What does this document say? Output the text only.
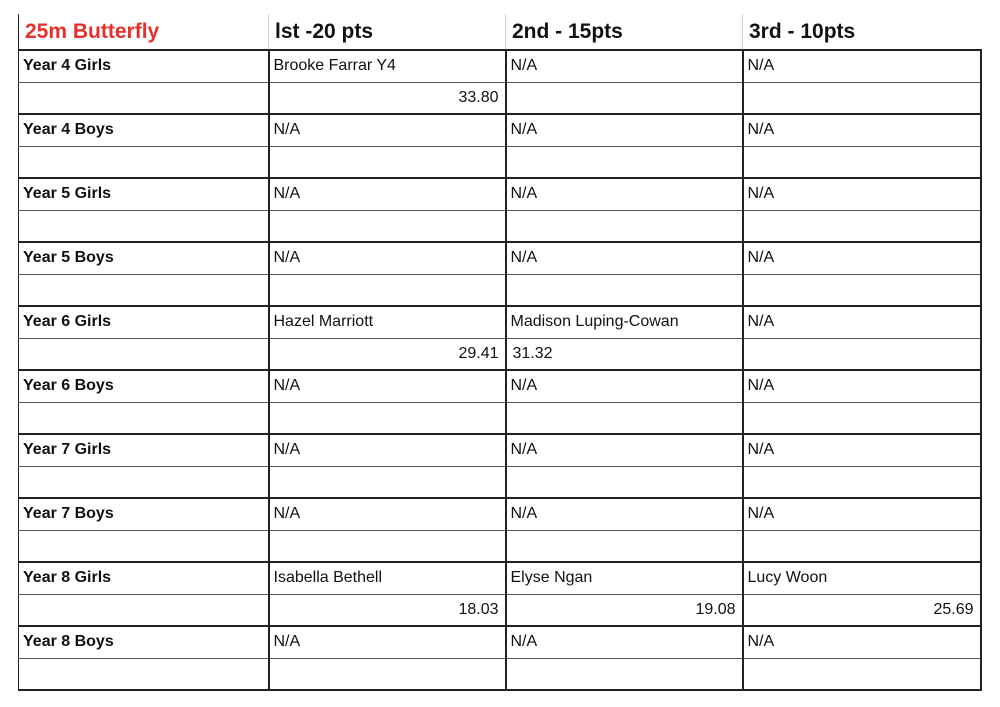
25m Butterfly	lst -20 pts	2nd - 15pts	3rd - 10pts
Year 4 Girls	Brooke Farrar Y4	N/A	N/A
	33.80		
Year 4 Boys	N/A	N/A	N/A

Year 5 Girls	N/A	N/A	N/A

Year 5 Boys	N/A	N/A	N/A

Year 6 Girls	Hazel Marriott	Madison Luping-Cowan	N/A
	29.41	31.32	
Year 6 Boys	N/A	N/A	N/A

Year 7 Girls	N/A	N/A	N/A

Year 7 Boys	N/A	N/A	N/A

Year 8 Girls	Isabella Bethell	Elyse Ngan	Lucy Woon
	18.03	19.08	25.69
Year 8 Boys	N/A	N/A	N/A
